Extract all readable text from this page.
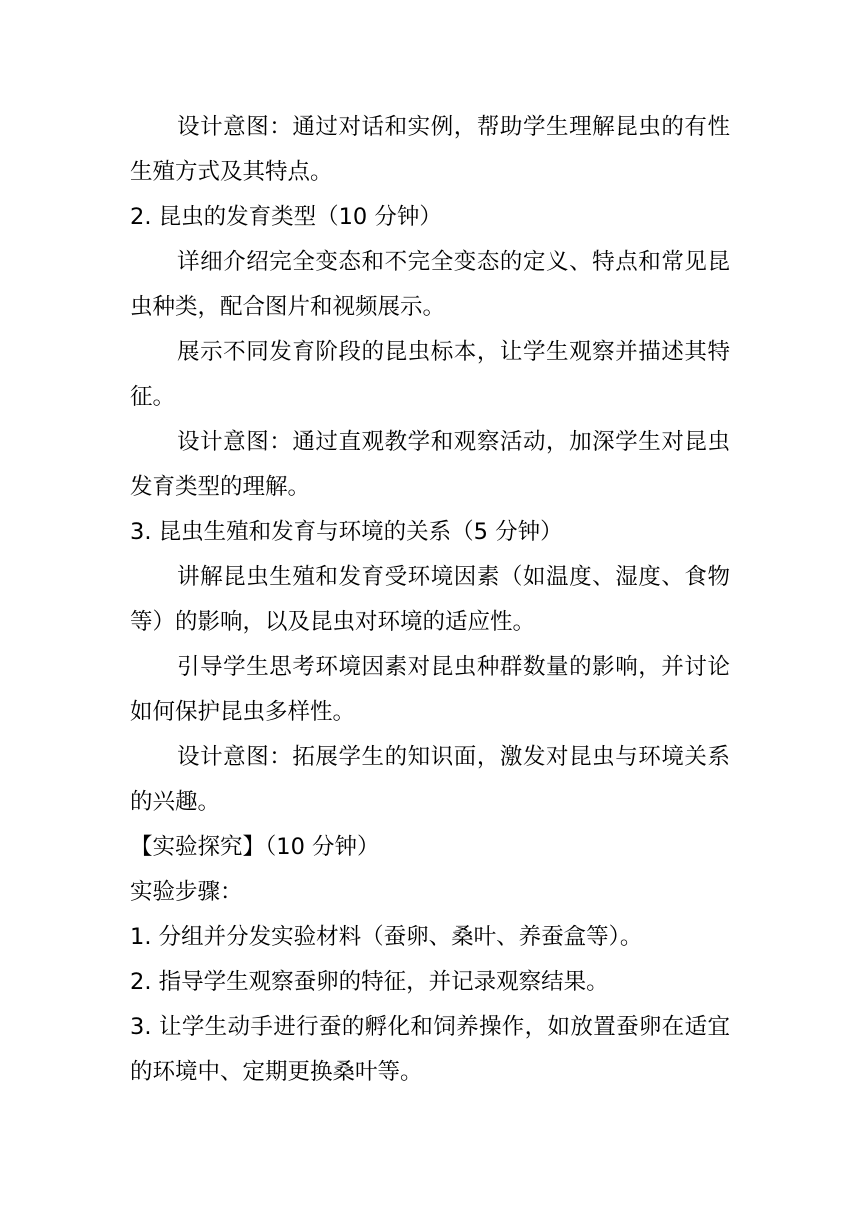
设计意图：通过对话和实例，帮助学生理解昆虫的有性生殖方式及其特点。

2. 昆虫的发育类型（10 分钟）

详细介绍完全变态和不完全变态的定义、特点和常见昆虫种类，配合图片和视频展示。

展示不同发育阶段的昆虫标本，让学生观察并描述其特征。

设计意图：通过直观教学和观察活动，加深学生对昆虫发育类型的理解。

3. 昆虫生殖和发育与环境的关系（5 分钟）

讲解昆虫生殖和发育受环境因素（如温度、湿度、食物等）的影响，以及昆虫对环境的适应性。

引导学生思考环境因素对昆虫种群数量的影响，并讨论如何保护昆虫多样性。

设计意图：拓展学生的知识面，激发对昆虫与环境关系的兴趣。

【实验探究】（10 分钟）

实验步骤：

1. 分组并分发实验材料（蚕卵、桑叶、养蚕盒等）。

2. 指导学生观察蚕卵的特征，并记录观察结果。

3. 让学生动手进行蚕的孵化和饲养操作，如放置蚕卵在适宜的环境中、定期更换桑叶等。
